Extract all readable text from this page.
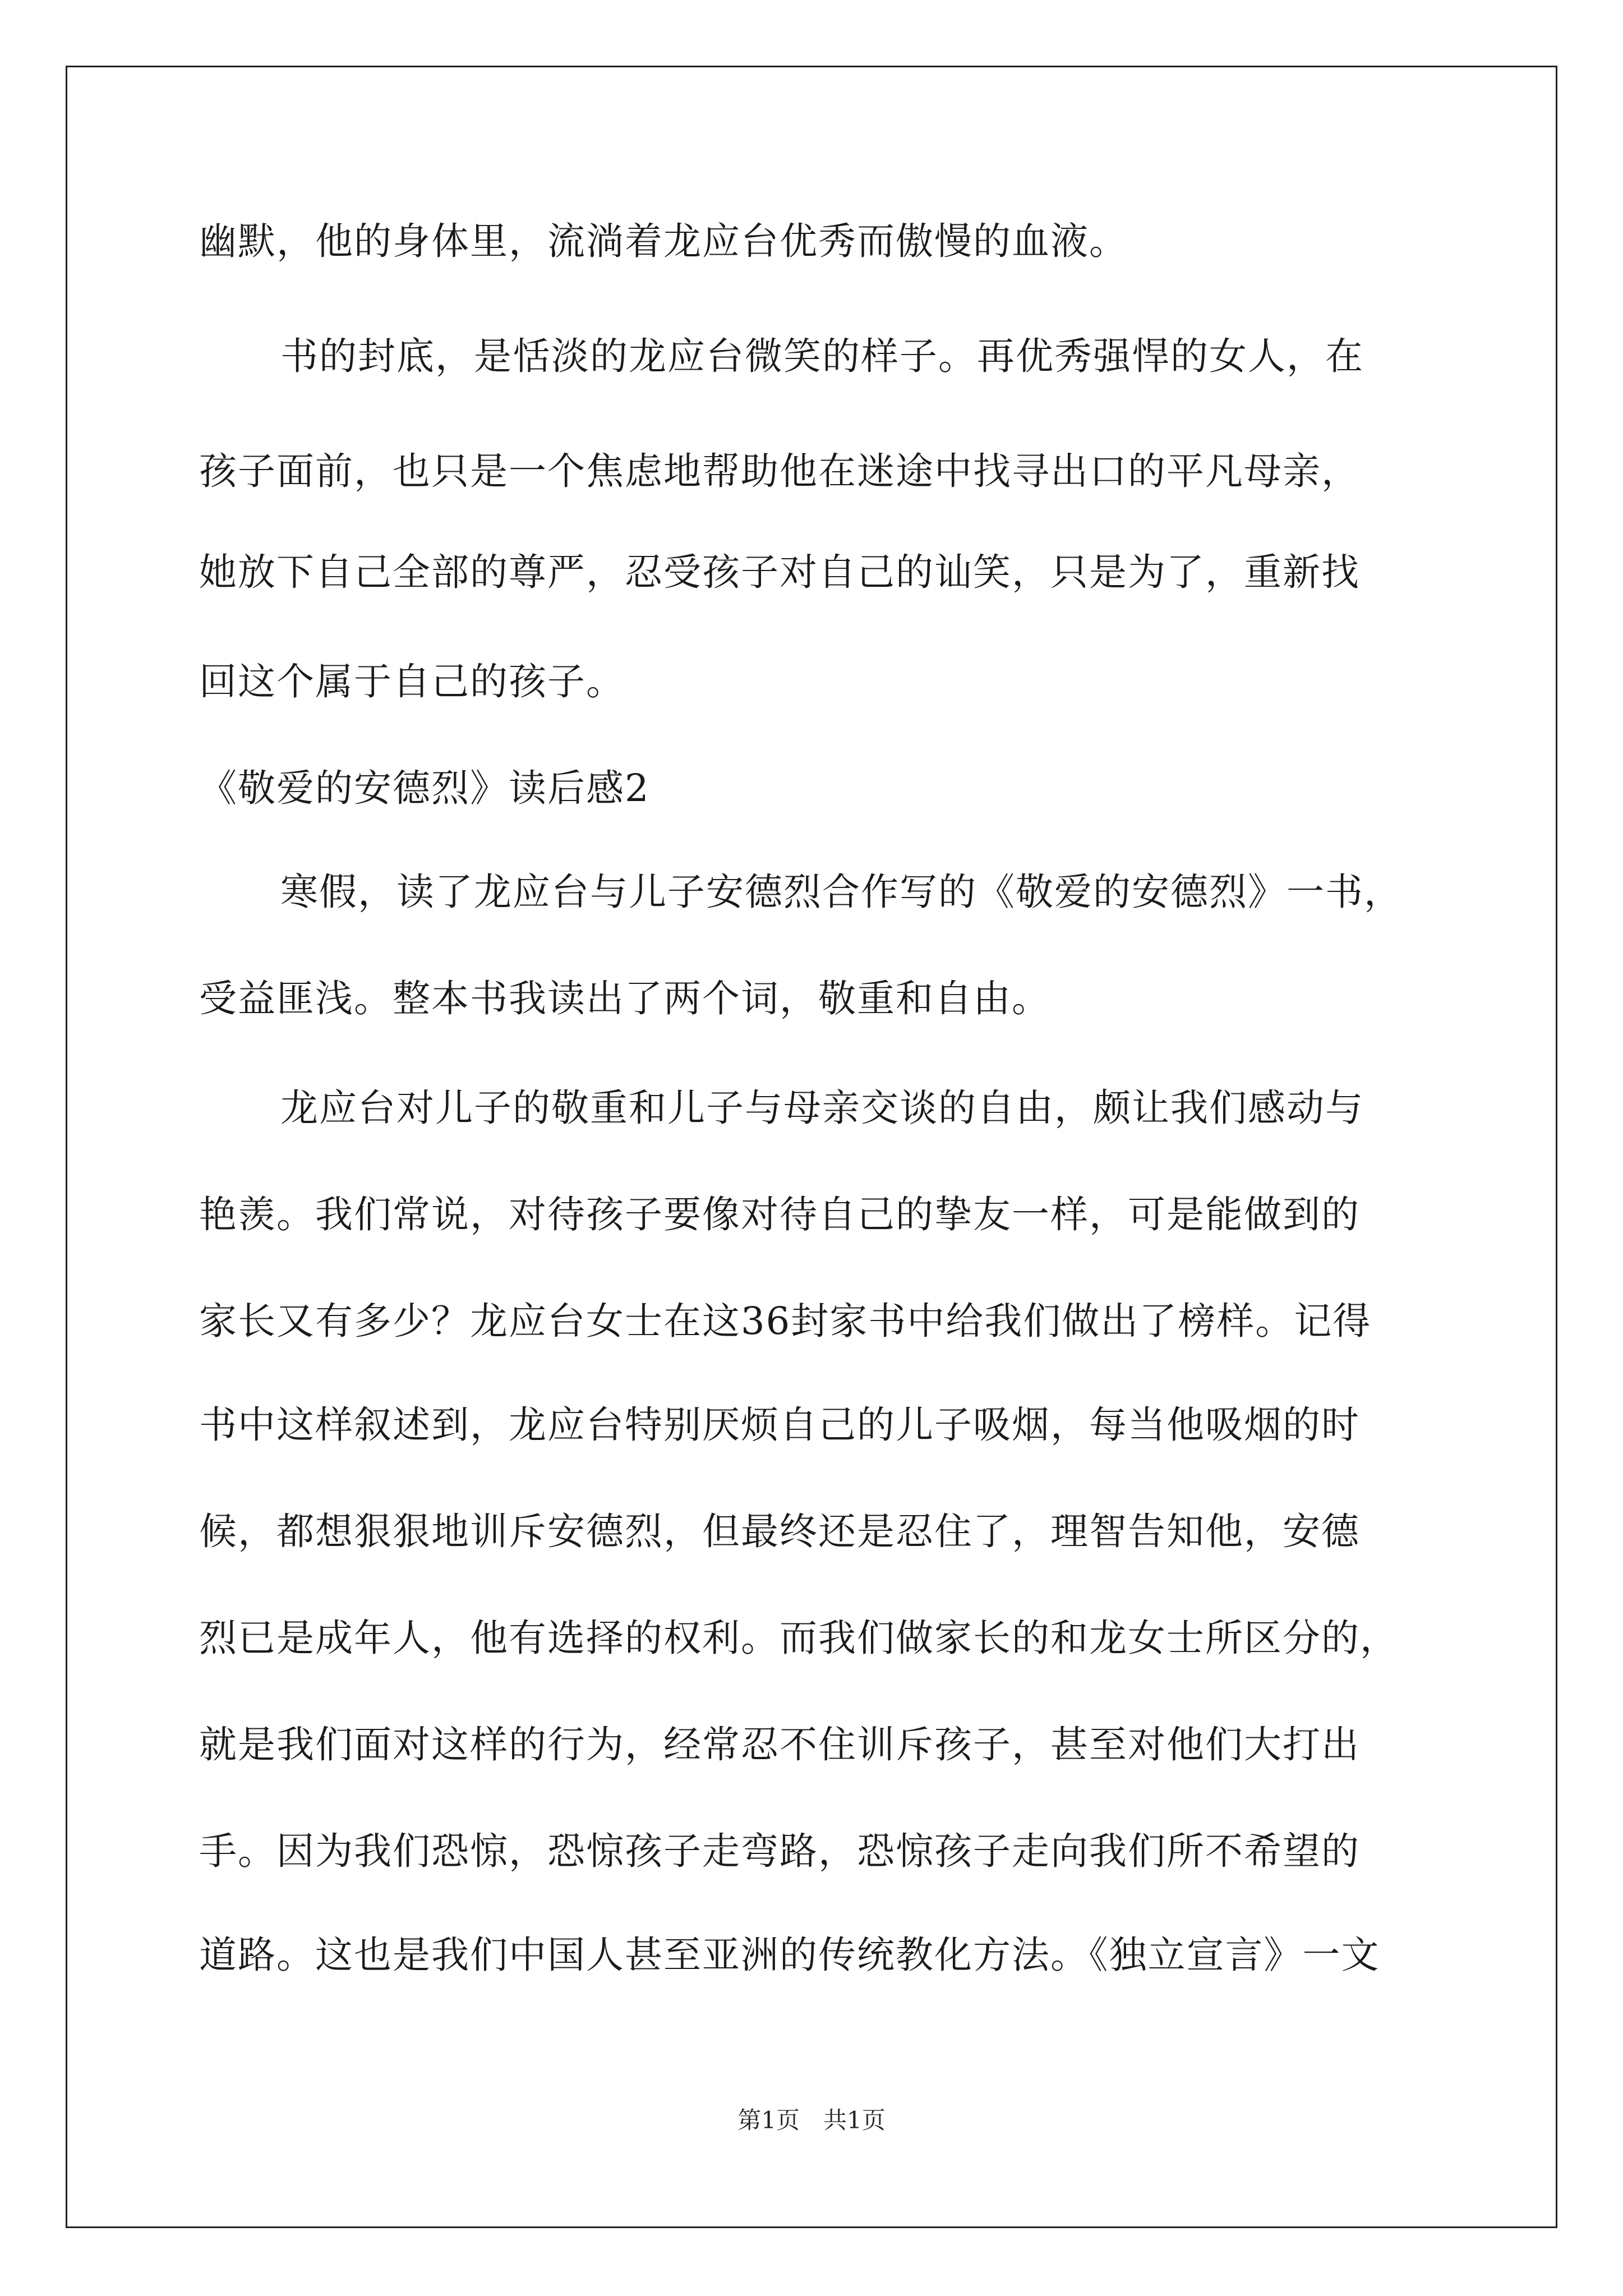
幽默，他的身体里，流淌着龙应台优秀而傲慢的血液。
书的封底，是恬淡的龙应台微笑的样子。再优秀强悍的女人，在
孩子面前，也只是一个焦虑地帮助他在迷途中找寻出口的平凡母亲，
她放下自己全部的尊严，忍受孩子对自己的讪笑，只是为了，重新找
回这个属于自己的孩子。
《敬爱的安德烈》读后感2
寒假，读了龙应台与儿子安德烈合作写的《敬爱的安德烈》一书，
受益匪浅。整本书我读出了两个词，敬重和自由。
龙应台对儿子的敬重和儿子与母亲交谈的自由，颇让我们感动与
艳羡。我们常说，对待孩子要像对待自己的挚友一样，可是能做到的
家长又有多少？龙应台女士在这36封家书中给我们做出了榜样。记得
书中这样叙述到，龙应台特别厌烦自己的儿子吸烟，每当他吸烟的时
候，都想狠狠地训斥安德烈，但最终还是忍住了，理智告知他，安德
烈已是成年人，他有选择的权利。而我们做家长的和龙女士所区分的，
就是我们面对这样的行为，经常忍不住训斥孩子，甚至对他们大打出
手。因为我们恐惊，恐惊孩子走弯路，恐惊孩子走向我们所不希望的
道路。这也是我们中国人甚至亚洲的传统教化方法。《独立宣言》一文
第1页　共1页
